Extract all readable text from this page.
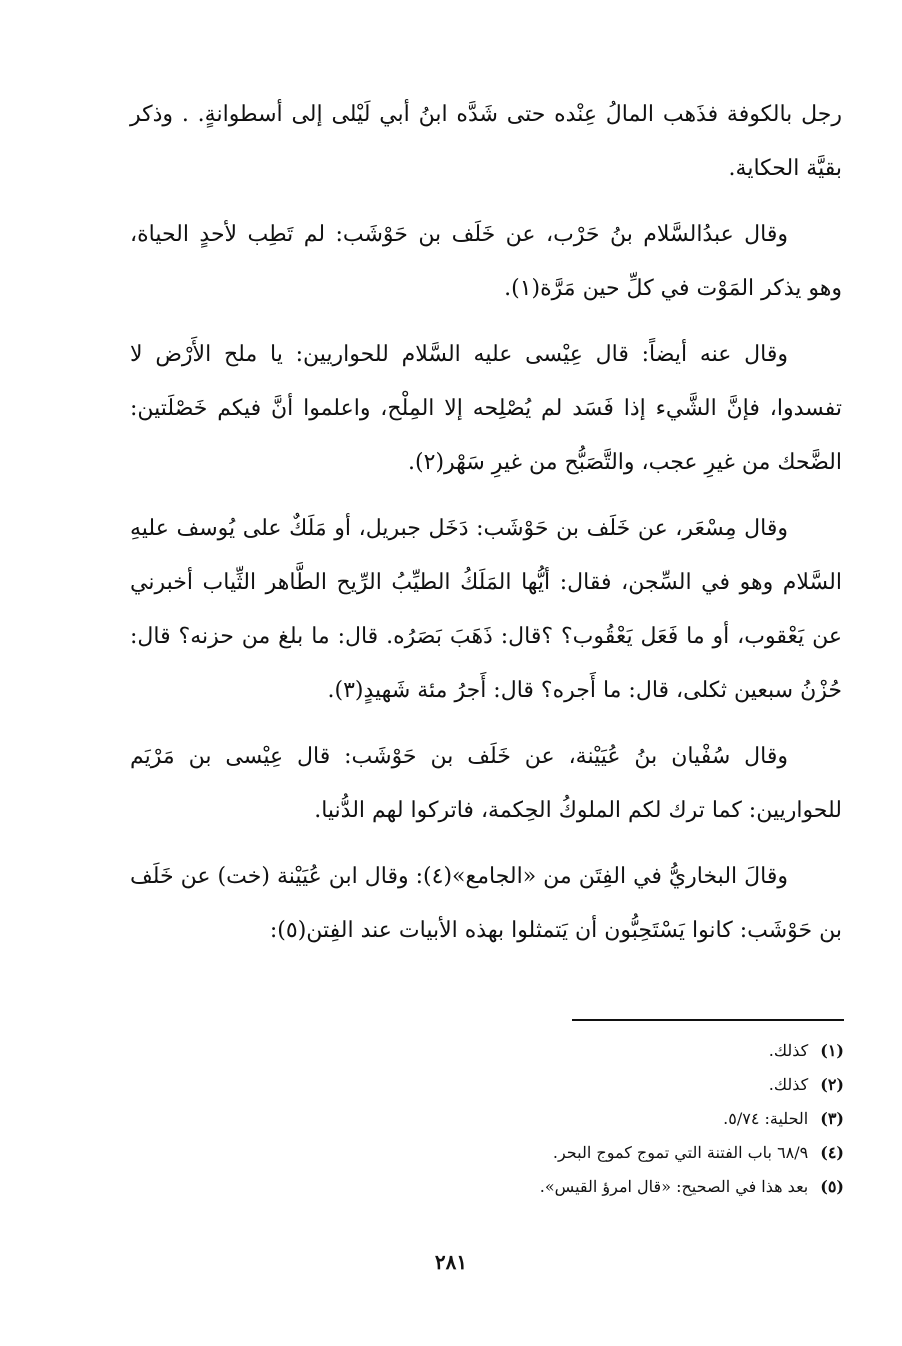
رجل بالكوفة فذَهب المالُ عِنْده حتى شَدَّه ابنُ أبي لَيْلى إلى أسطوانةٍ. . وذكر بقيَّة الحكاية.

وقال عبدُالسَّلام بنُ حَرْب، عن خَلَف بن حَوْشَب: لم تَطِب لأحدٍ الحياة، وهو يذكر المَوْت في كلِّ حين مَرَّة(١).

وقال عنه أيضاً: قال عِيْسى عليه السَّلام للحواريين: يا ملح الأَرْض لا تفسدوا، فإنَّ الشَّيء إذا فَسَد لم يُصْلِحه إلا المِلْح، واعلموا أنَّ فيكم خَصْلَتين: الضَّحك من غيرِ عجب، والتَّصَبُّح من غيرِ سَهْر(٢).

وقال مِسْعَر، عن خَلَف بن حَوْشَب: دَخَل جبريل، أو مَلَكٌ على يُوسف عليهِ السَّلام وهو في السِّجن، فقال: أيُّها المَلَكُ الطيِّبُ الرِّيح الطَّاهر الثِّياب أخبرني عن يَعْقوب، أو ما فَعَل يَعْقُوب؟ ؟قال: ذَهَبَ بَصَرُه. قال: ما بلغ من حزنه؟ قال: حُزْنُ سبعين ثكلى، قال: ما أَجره؟ قال: أَجرُ مئة شَهيدٍ(٣).

وقال سُفْيان بنُ عُيَيْنة، عن خَلَف بن حَوْشَب: قال عِيْسى بن مَرْيَم للحواريين: كما ترك لكم الملوكُ الحِكمة، فاتركوا لهم الدُّنيا.

وقالَ البخاريُّ في الفِتَن من «الجامع»(٤): وقال ابن عُيَيْنة (خت) عن خَلَف بن حَوْشَب: كانوا يَسْتَحِبُّون أن يَتمثلوا بهذه الأبيات عند الفِتن(٥):

(١)كذلك.
(٢)كذلك.
(٣)الحلية: ٥/٧٤.
(٤)٦٨/٩ باب الفتنة التي تموج كموج البحر.
(٥)بعد هذا في الصحيح: «قال امرؤ القيس».
٢٨١
